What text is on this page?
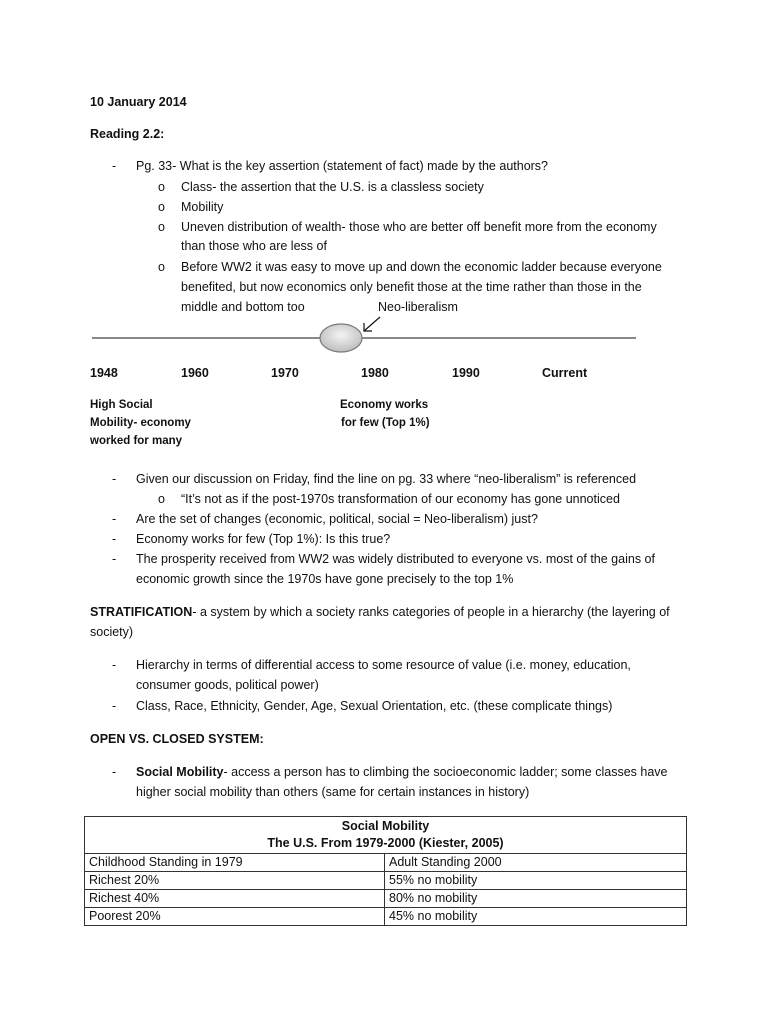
10 January 2014
Reading 2.2:
- Pg. 33- What is the key assertion (statement of fact) made by the authors?
o Class- the assertion that the U.S. is a classless society
o Mobility
o Uneven distribution of wealth- those who are better off benefit more from the economy
than those who are less of
o Before WW2 it was easy to move up and down the economic ladder because everyone
benefited, but now economics only benefit those at the time rather than those in the
middle and bottom too	Neo-liberalism
1948	1960	1970	1980	1990	Current
High Social
Mobility- economy
worked for many
Economy works
for few (Top 1%)
- Given our discussion on Friday, find the line on pg. 33 where “neo-liberalism” is referenced
o “It’s not as if the post-1970s transformation of our economy has gone unnoticed
- Are the set of changes (economic, political, social = Neo-liberalism) just?
- Economy works for few (Top 1%): Is this true?
- The prosperity received from WW2 was widely distributed to everyone vs. most of the gains of
economic growth since the 1970s have gone precisely to the top 1%
STRATIFICATION- a system by which a society ranks categories of people in a hierarchy (the layering of
society)
- Hierarchy in terms of differential access to some resource of value (i.e. money, education,
consumer goods, political power)
- Class, Race, Ethnicity, Gender, Age, Sexual Orientation, etc. (these complicate things)
OPEN VS. CLOSED SYSTEM:
- Social Mobility- access a person has to climbing the socioeconomic ladder; some classes have
higher social mobility than others (same for certain instances in history)
Social Mobility
The U.S. From 1979-2000 (Kiester, 2005)	

Childhood Standing in 1979	Adult Standing 2000
Richest 20%	55% no mobility
Richest 40%	80% no mobility
Poorest 20%	45% no mobility
